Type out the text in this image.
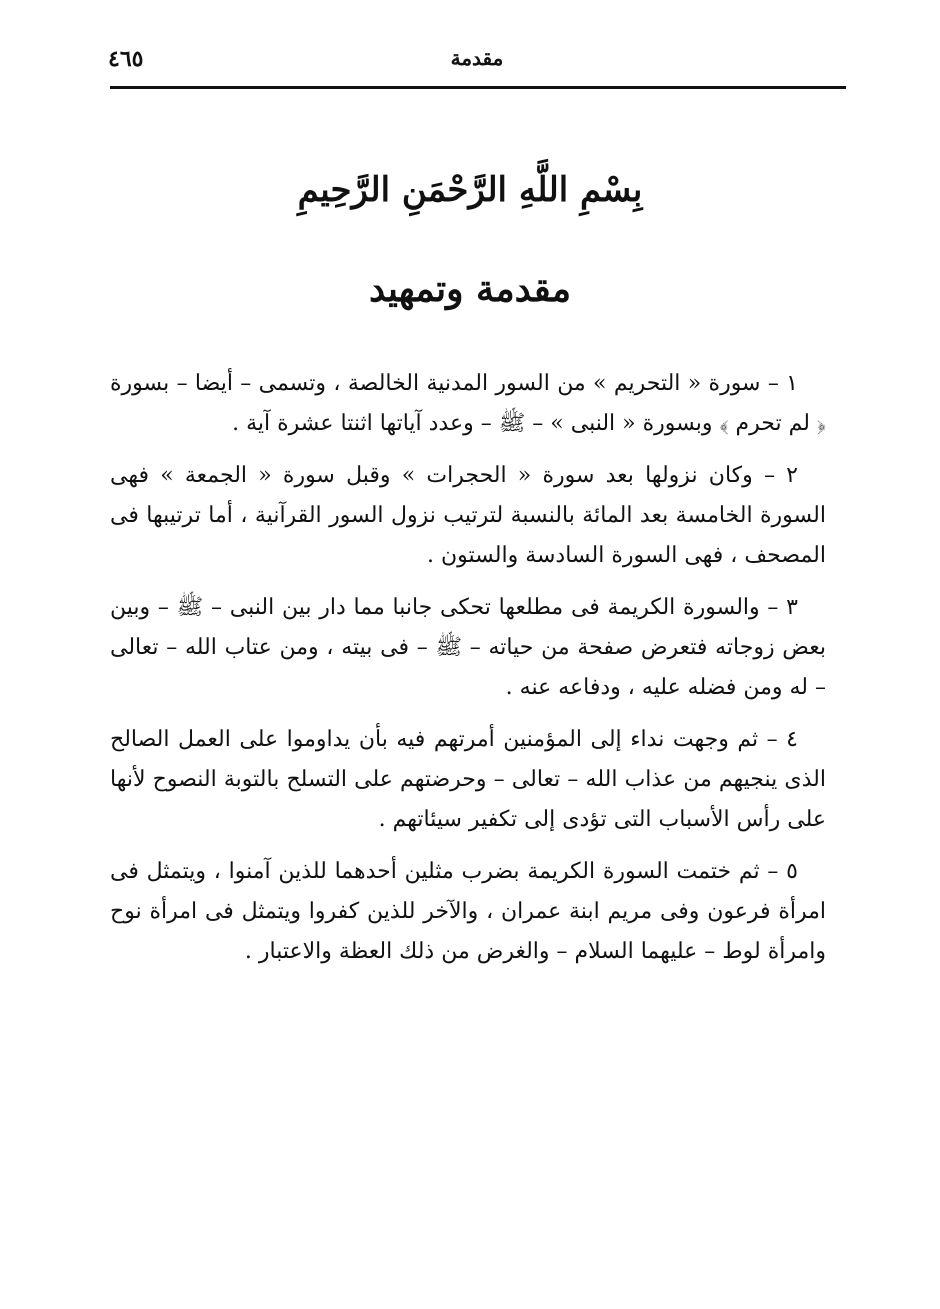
٤٦٥	مقدمة
بِسْمِ اللَّهِ الرَّحْمَنِ الرَّحِيمِ
مقدمة وتمهيد

١ – سورة « التحريم » من السور المدنية الخالصة ، وتسمى – أيضا – بسورة ﴿ لم تحرم ﴾ وبسورة « النبى » – ﷺ – وعدد آياتها اثنتا عشرة آية .

٢ – وكان نزولها بعد سورة « الحجرات » وقبل سورة « الجمعة » فهى السورة الخامسة بعد المائة بالنسبة لترتيب نزول السور القرآنية ، أما ترتيبها فى المصحف ، فهى السورة السادسة والستون .

٣ – والسورة الكريمة فى مطلعها تحكى جانبا مما دار بين النبى – ﷺ – وبين بعض زوجاته فتعرض صفحة من حياته – ﷺ – فى بيته ، ومن عتاب الله – تعالى – له ومن فضله عليه ، ودفاعه عنه .

٤ – ثم وجهت نداء إلى المؤمنين أمرتهم فيه بأن يداوموا على العمل الصالح الذى ينجيهم من عذاب الله – تعالى – وحرضتهم على التسلح بالتوبة النصوح لأنها على رأس الأسباب التى تؤدى إلى تكفير سيئاتهم .

٥ – ثم ختمت السورة الكريمة بضرب مثلين أحدهما للذين آمنوا ، ويتمثل فى امرأة فرعون وفى مريم ابنة عمران ، والآخر للذين كفروا ويتمثل فى امرأة نوح وامرأة لوط – عليهما السلام – والغرض من ذلك العظة والاعتبار .
